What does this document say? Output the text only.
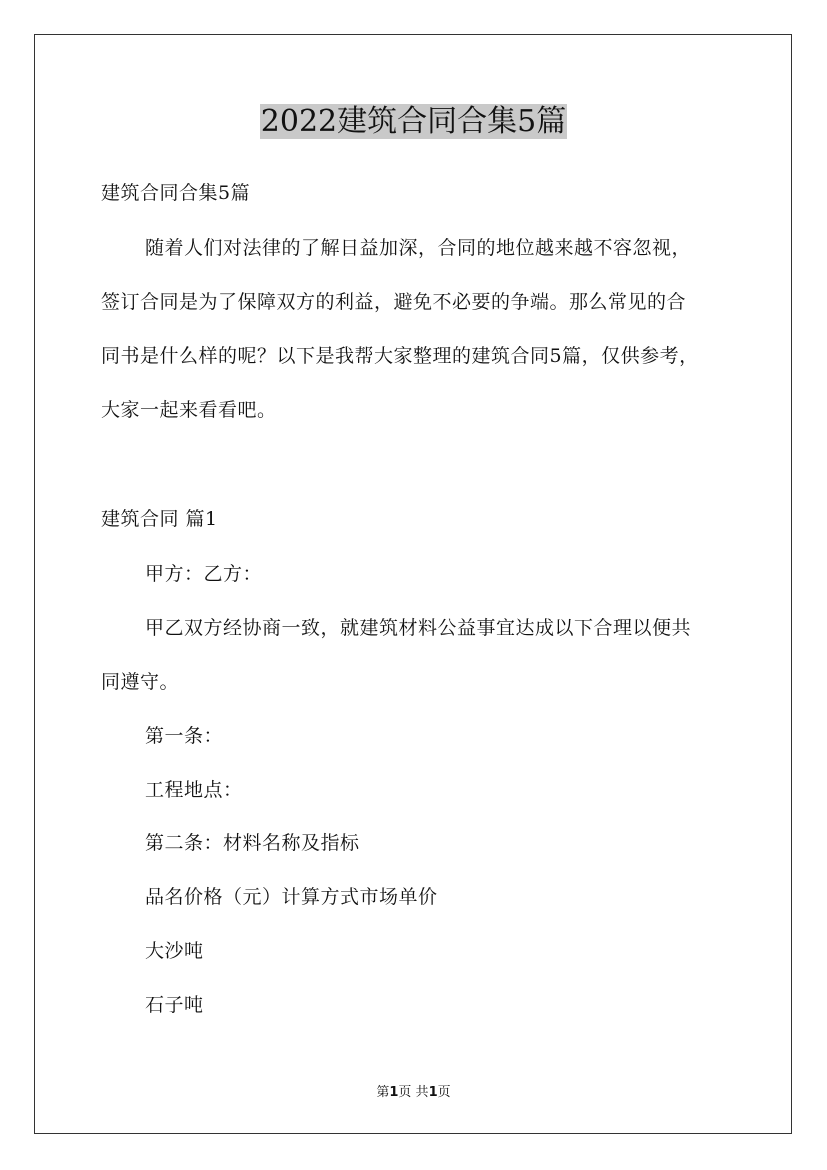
2022建筑合同合集5篇
建筑合同合集5篇
随着人们对法律的了解日益加深，合同的地位越来越不容忽视，
签订合同是为了保障双方的利益，避免不必要的争端。那么常见的合
同书是什么样的呢？以下是我帮大家整理的建筑合同5篇，仅供参考，
大家一起来看看吧。
建筑合同 篇1
甲方：乙方：
甲乙双方经协商一致，就建筑材料公益事宜达成以下合理以便共
同遵守。
第一条：
工程地点：
第二条：材料名称及指标
品名价格（元）计算方式市场单价
大沙吨
石子吨
第1页 共1页
